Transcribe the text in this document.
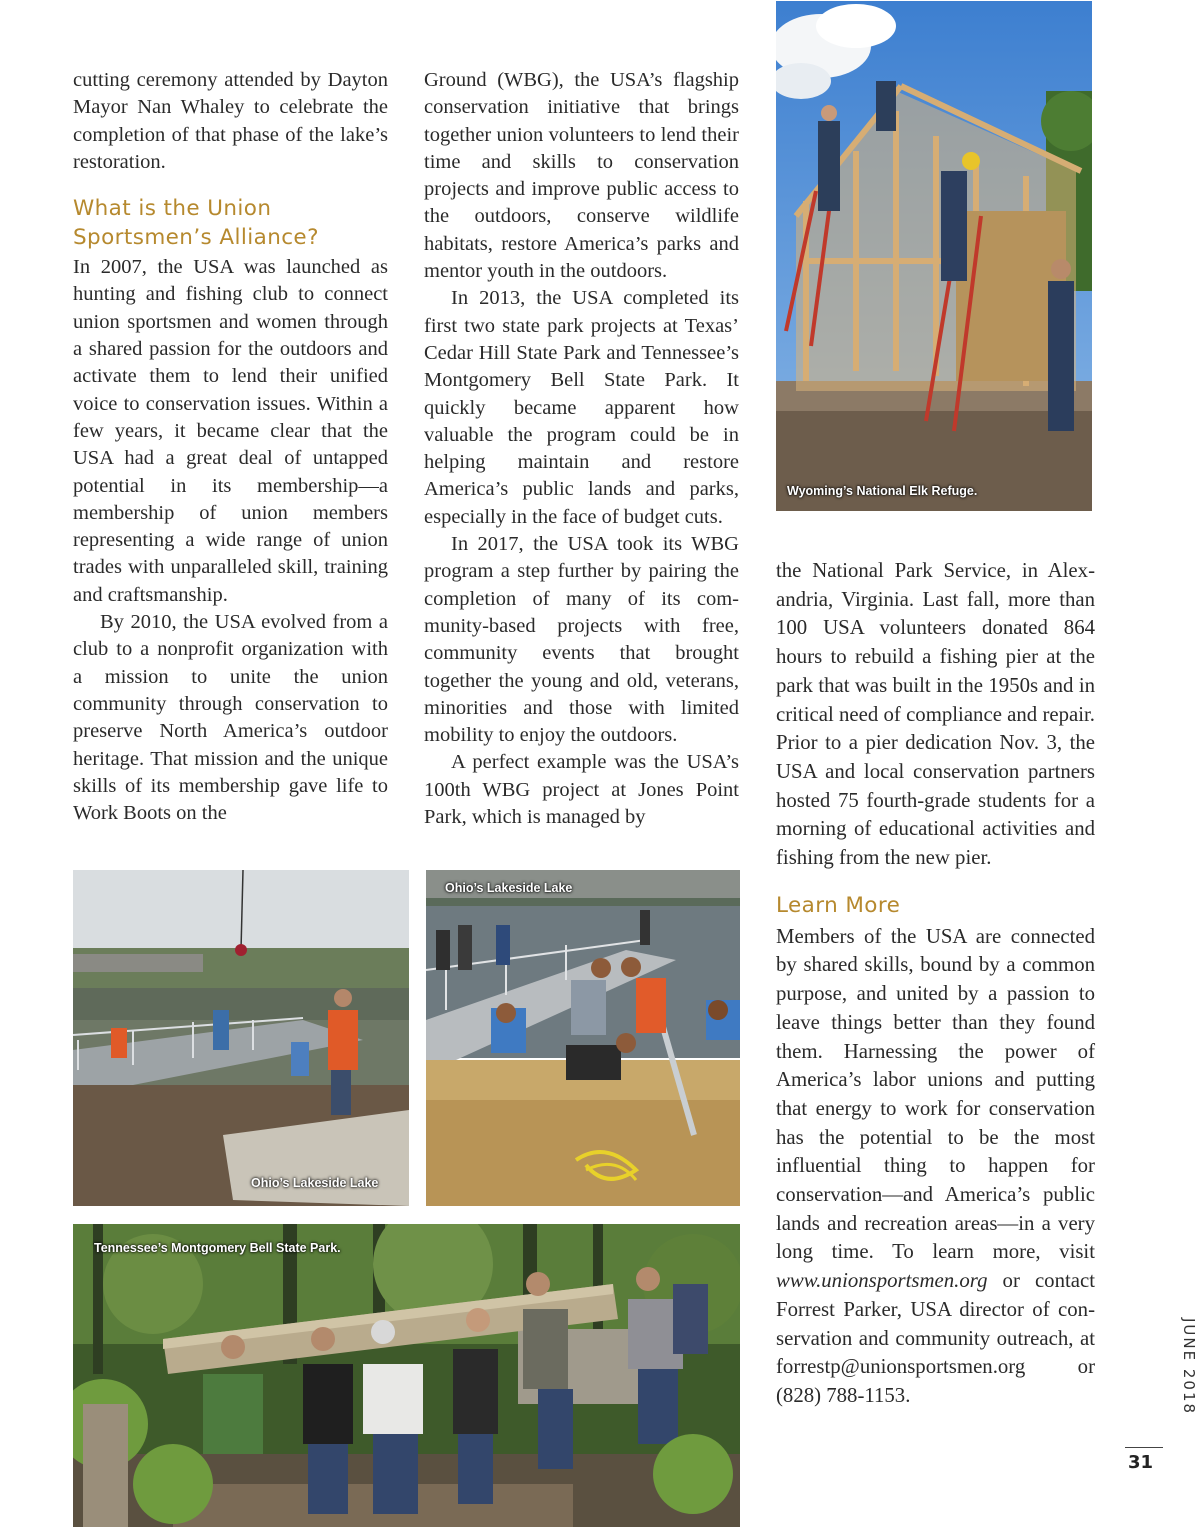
cutting ceremony attended by Dayton Mayor Nan Whaley to celebrate the completion of that phase of the lake’s restoration.

What is the Union Sportsmen’s Alliance?

In 2007, the USA was launched as hunting and fishing club to connect union sportsmen and women through a shared passion for the outdoors and activate them to lend their unified voice to conservation issues. Within a few years, it became clear that the USA had a great deal of untapped potential in its membership—a membership of union members representing a wide range of union trades with unparalleled skill, training and craftsmanship.

By 2010, the USA evolved from a club to a nonprofit organization with a mission to unite the union community through conservation to preserve North America’s outdoor heritage. That mission and the unique skills of its membership gave life to Work Boots on the

Ground (WBG), the USA’s flagship conservation initiative that brings together union volunteers to lend their time and skills to conservation projects and improve public access to the outdoors, conserve wildlife habitats, restore America’s parks and mentor youth in the outdoors.

In 2013, the USA completed its first two state park projects at Texas’ Cedar Hill State Park and Tennessee’s Montgomery Bell State Park. It quickly became apparent how valuable the program could be in helping maintain and restore America’s public lands and parks, especially in the face of budget cuts.

In 2017, the USA took its WBG program a step further by pairing the completion of many of its community-based projects with free, community events that brought together the young and old, veterans, minorities and those with limited mobility to enjoy the outdoors.

A perfect example was the USA’s 100th WBG project at Jones Point Park, which is managed by

the National Park Service, in Alexandria, Virginia. Last fall, more than 100 USA volunteers donated 864 hours to rebuild a fishing pier at the park that was built in the 1950s and in critical need of compliance and repair. Prior to a pier dedication Nov. 3, the USA and local conservation partners hosted 75 fourth-grade students for a morning of educational activities and fishing from the new pier.

Learn More

Members of the USA are connected by shared skills, bound by a common purpose, and united by a passion to leave things better than they found them. Harnessing the power of America’s labor unions and putting that energy to work for conservation has the potential to be the most influential thing to happen for conservation—and America’s public lands and recreation areas—in a very long time. To learn more, visit www.unionsportsmen.org or contact Forrest Parker, USA director of conservation and community outreach, at forrestp@unionsportsmen.org or (828) 788-1153.

Wyoming’s National Elk Refuge.
Ohio’s Lakeside Lake
Ohio’s Lakeside Lake
Tennessee’s Montgomery Bell State Park.
JUNE 2018
31
